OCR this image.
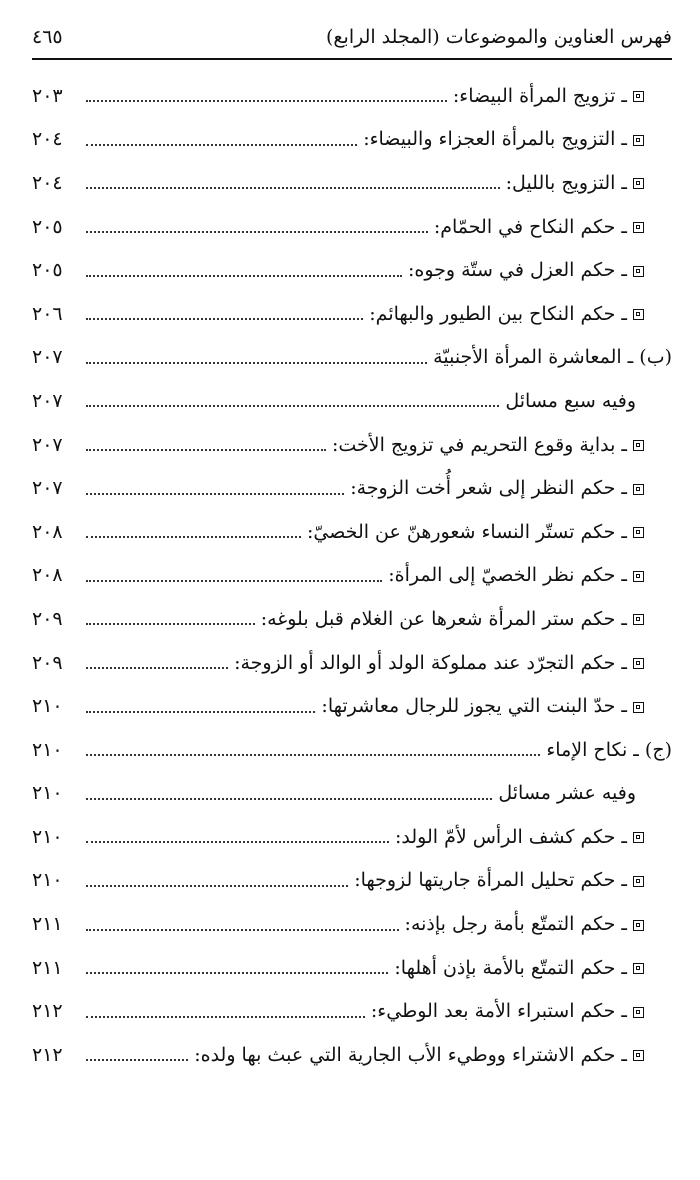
فهرس العناوين والموضوعات (المجلد الرابع)
٤٦٥
ـ تزويج المرأة البيضاء:
٢٠٣
ـ التزويج بالمرأة العجزاء والبيضاء:
٢٠٤
ـ التزويج بالليل:
٢٠٤
ـ حكم النكاح في الحمّام:
٢٠٥
ـ حكم العزل في ستّة وجوه:
٢٠٥
ـ حكم النكاح بين الطيور والبهائم:
٢٠٦
(ب) ـ المعاشرة المرأة الأجنبيّة
٢٠٧
وفيه سبع مسائل
٢٠٧
ـ بداية وقوع التحريم في تزويج الأخت:
٢٠٧
ـ حكم النظر إلى شعر أُخت الزوجة:
٢٠٧
ـ حكم تستّر النساء شعورهنّ عن الخصيّ:
٢٠٨
ـ حكم نظر الخصيّ إلى المرأة:
٢٠٨
ـ حكم ستر المرأة شعرها عن الغلام قبل بلوغه:
٢٠٩
ـ حكم التجرّد عند مملوكة الولد أو الوالد أو الزوجة:
٢٠٩
ـ حدّ البنت التي يجوز للرجال معاشرتها:
٢١٠
(ج) ـ نكاح الإماء
٢١٠
وفيه عشر مسائل
٢١٠
ـ حكم كشف الرأس لأمّ الولد:
٢١٠
ـ حكم تحليل المرأة جاريتها لزوجها:
٢١٠
ـ حكم التمتّع بأمة رجل بإذنه:
٢١١
ـ حكم التمتّع بالأمة بإذن أهلها:
٢١١
ـ حكم استبراء الأمة بعد الوطيء:
٢١٢
ـ حكم الاشتراء ووطيء الأب الجارية التي عبث بها ولده:
٢١٢
